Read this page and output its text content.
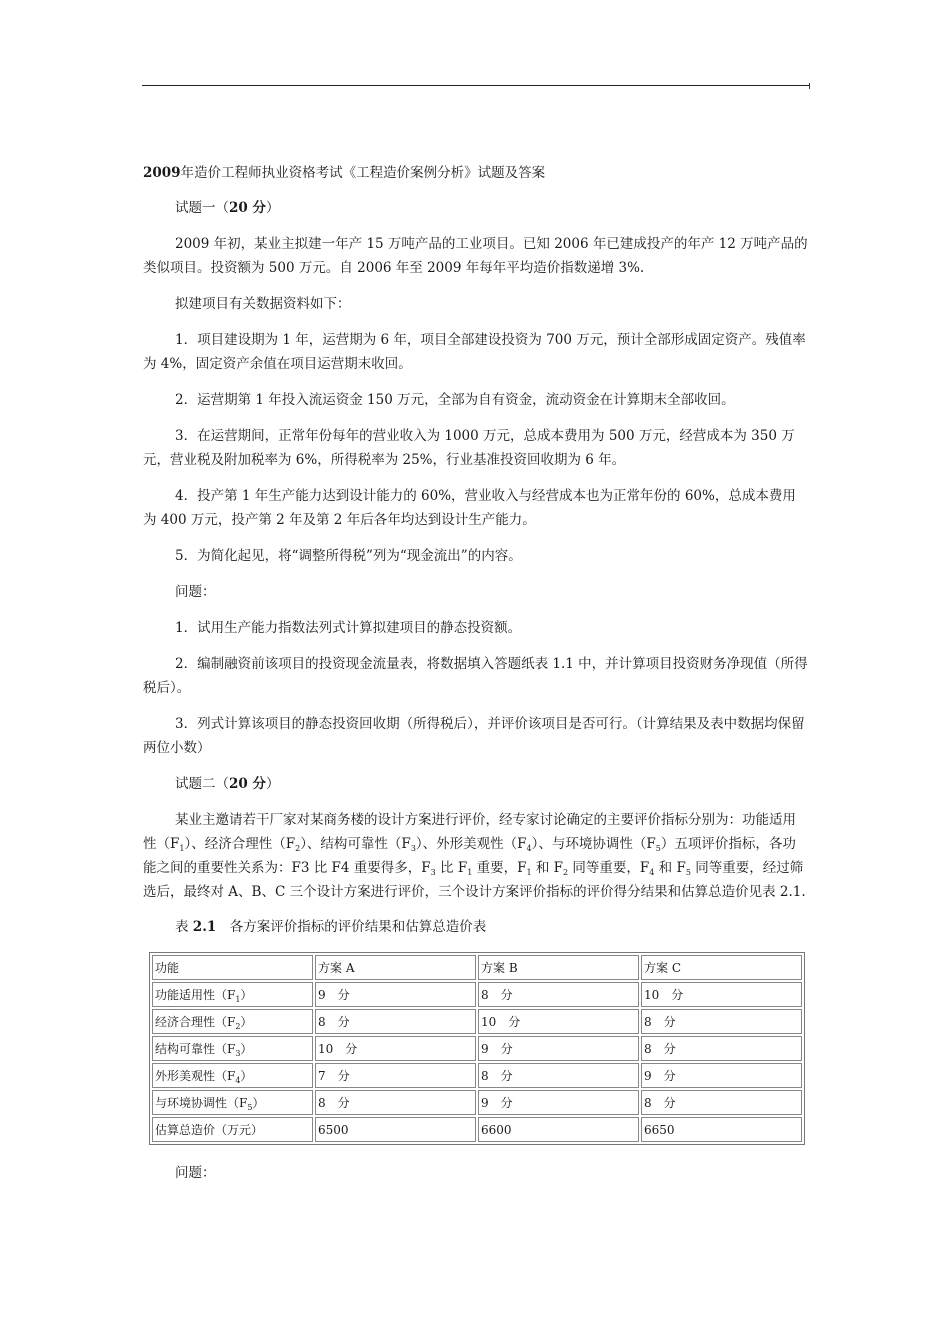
2009年造价工程师执业资格考试《工程造价案例分析》试题及答案

试题一（20 分）

2009 年初，某业主拟建一年产 15 万吨产品的工业项目。已知 2006 年已建成投产的年产 12 万吨产品的类似项目。投资额为 500 万元。自 2006 年至 2009 年每年平均造价指数递增 3%.

拟建项目有关数据资料如下：

1．项目建设期为 1 年，运营期为 6 年，项目全部建设投资为 700 万元，预计全部形成固定资产。残值率为 4%，固定资产余值在项目运营期末收回。

2．运营期第 1 年投入流运资金 150 万元，全部为自有资金，流动资金在计算期末全部收回。

3．在运营期间，正常年份每年的营业收入为 1000 万元，总成本费用为 500 万元，经营成本为 350 万元，营业税及附加税率为 6%，所得税率为 25%，行业基准投资回收期为 6 年。

4．投产第 1 年生产能力达到设计能力的 60%，营业收入与经营成本也为正常年份的 60%，总成本费用为 400 万元，投产第 2 年及第 2 年后各年均达到设计生产能力。

5．为简化起见，将“调整所得税”列为“现金流出”的内容。

问题：

1．试用生产能力指数法列式计算拟建项目的静态投资额。

2．编制融资前该项目的投资现金流量表，将数据填入答题纸表 1.1 中，并计算项目投资财务净现值（所得税后）。

3．列式计算该项目的静态投资回收期（所得税后），并评价该项目是否可行。（计算结果及表中数据均保留两位小数）

试题二（20 分）

某业主邀请若干厂家对某商务楼的设计方案进行评价，经专家讨论确定的主要评价指标分别为：功能适用性$(F_1)$、经济合理性$(F_2)$、结构可靠性$(F_3)$、外形美观性$(F_4)$、与环境协调性$(F_5)$五项评价指标，各功能之间的重要性关系为：F3 比 F4 重要得多，$F_3$ 比 $F_1$ 重要，$F_1$ 和 $F_2$ 同等重要，$F_4$ 和 $F_5$ 同等重要，经过筛选后，最终对 A、B、C 三个设计方案进行评价，三个设计方案评价指标的评价得分结果和估算总造价见表 2.1.

表 2.1　各方案评价指标的评价结果和估算总造价表

功能	方案 A	方案 B	方案 C
功能适用性$(F_1)$	9　分	8　分	10　分
经济合理性$(F_2)$	8　分	10　分	8　分
结构可靠性$(F_3)$	10　分	9　分	8　分
外形美观性$(F_4)$	7　分	8　分	9　分
与环境协调性$(F_5)$	8　分	9　分	8　分
估算总造价（万元）	6500	6600	6650

问题：
